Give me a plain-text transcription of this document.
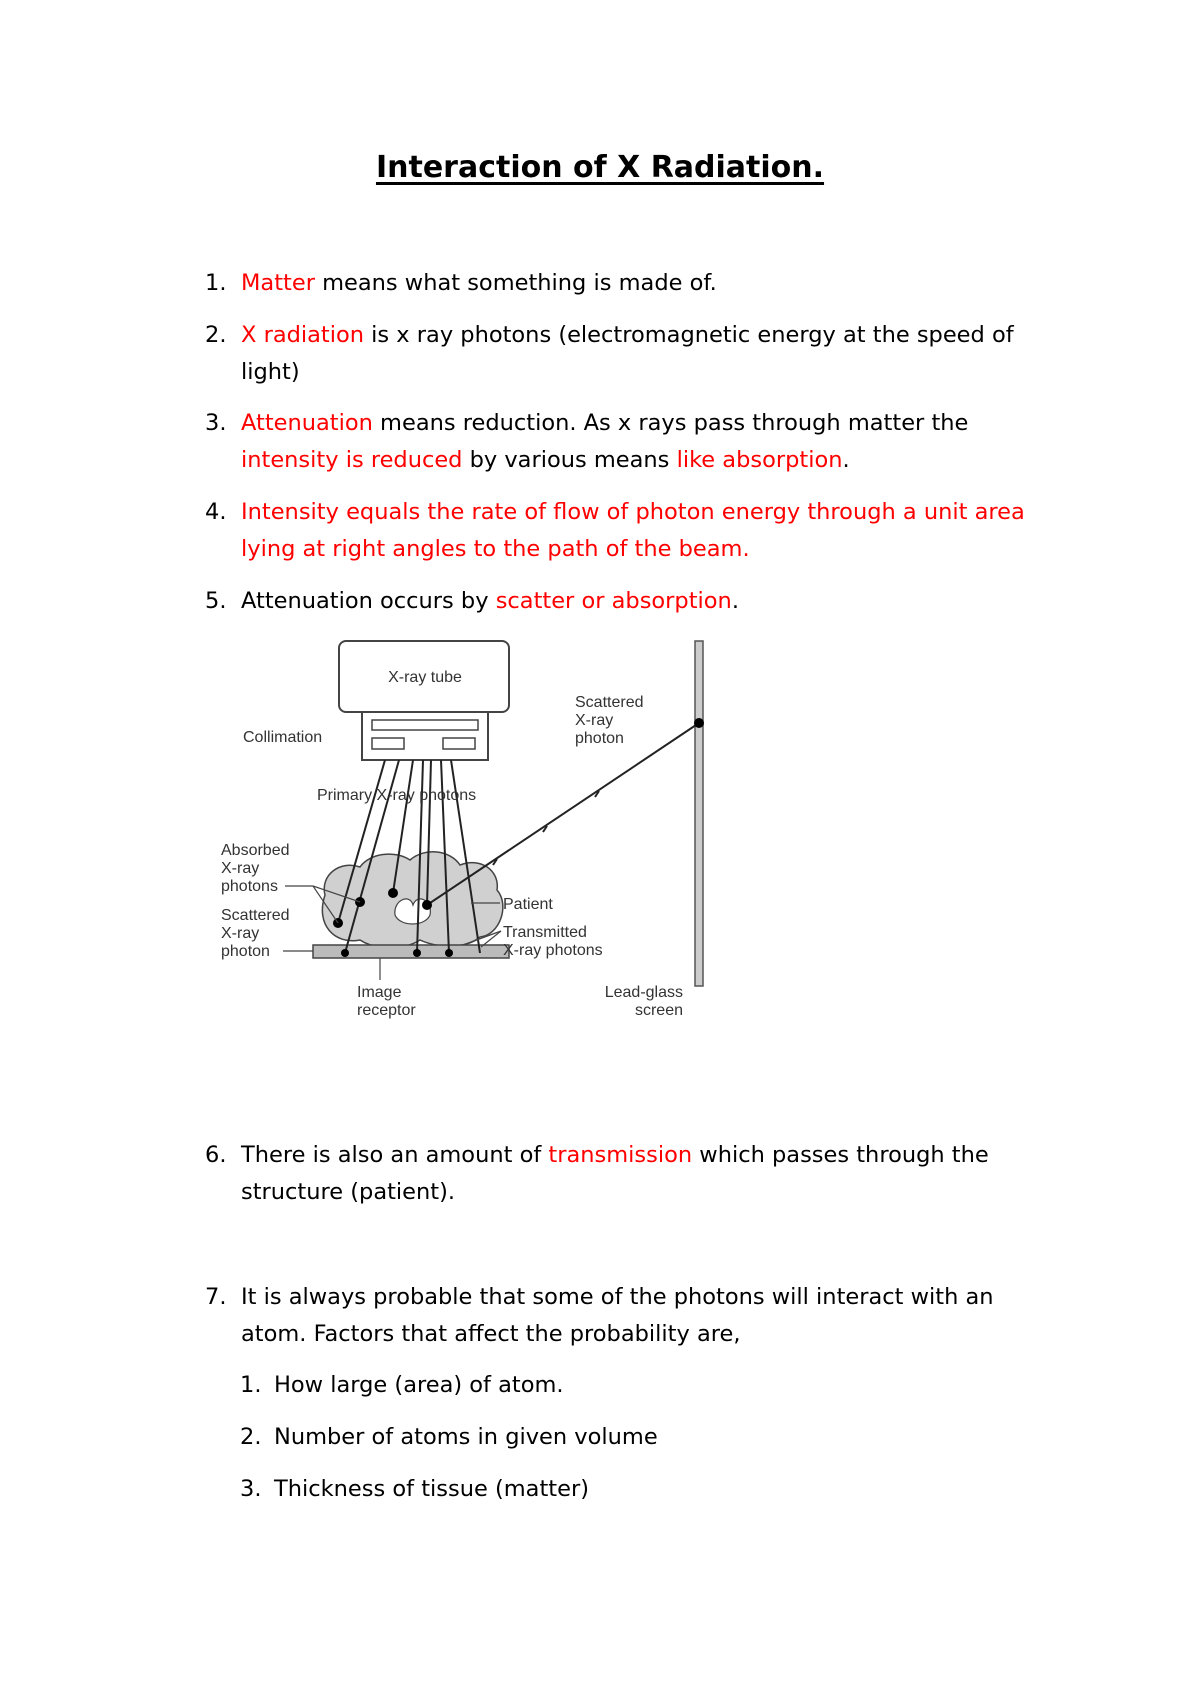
Interaction of X Radiation.
1. Matter means what something is made of.
2. X radiation is x ray photons (electromagnetic energy at the speed of light)
3. Attenuation means reduction. As x rays pass through matter the intensity is reduced by various means like absorption.
4. Intensity equals the rate of flow of photon energy through a unit area lying at right angles to the path of the beam.
5. Attenuation occurs by scatter or absorption.
X-ray tube
Collimation
Scattered
X-ray
photon
Primary X-ray photons
Absorbed
X-ray
photons
Scattered
X-ray
photon
Patient
Transmitted
X-ray photons
Image
receptor
Lead-glass
screen
6. There is also an amount of transmission which passes through the structure (patient).
7. It is always probable that some of the photons will interact with an atom. Factors that affect the probability are,
1. How large (area) of atom.
2. Number of atoms in given volume
3. Thickness of tissue (matter)
